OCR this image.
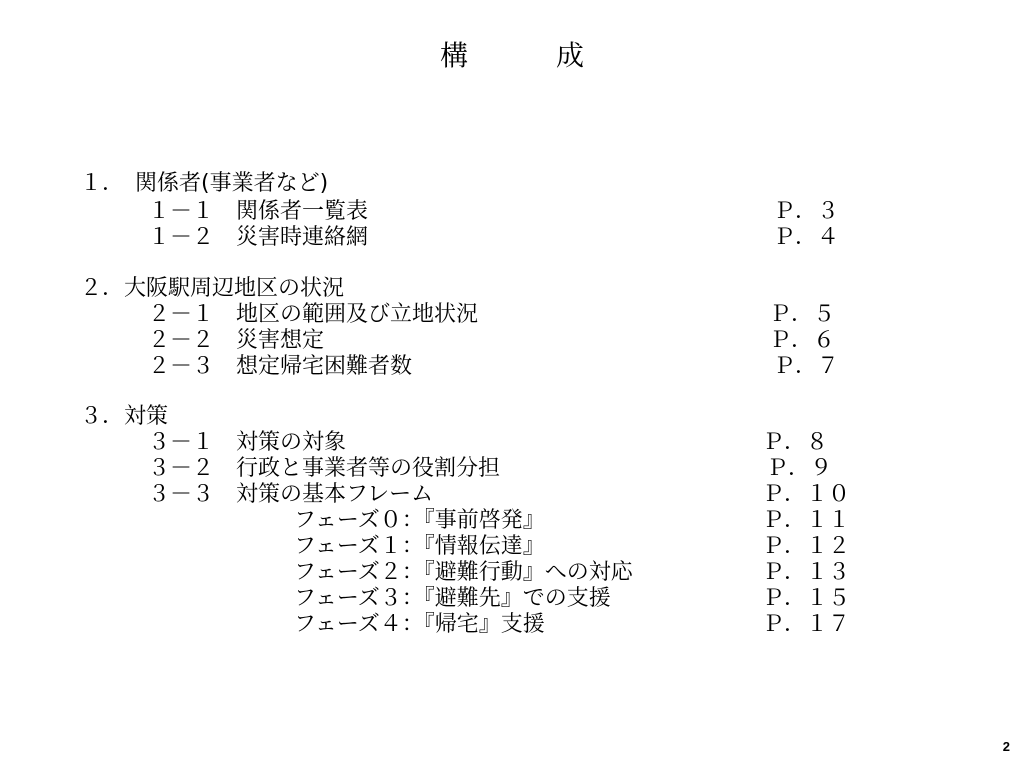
構　成
１．　関係者(事業者など)
１－１　関係者一覧表	Ｐ．３
１－２　災害時連絡網	Ｐ．４
２．大阪駅周辺地区の状況
２－１　地区の範囲及び立地状況	Ｐ．５
２－２　災害想定	Ｐ．６
２－３　想定帰宅困難者数	Ｐ．７
３．対策
３－１　対策の対象	Ｐ．８
３－２　行政と事業者等の役割分担	Ｐ．９
３－３　対策の基本フレーム	Ｐ．１０
フェーズ０：『事前啓発』	Ｐ．１１
フェーズ１：『情報伝達』	Ｐ．１２
フェーズ２：『避難行動』への対応	Ｐ．１３
フェーズ３：『避難先』での支援	Ｐ．１５
フェーズ４：『帰宅』支援	Ｐ．１７
2
